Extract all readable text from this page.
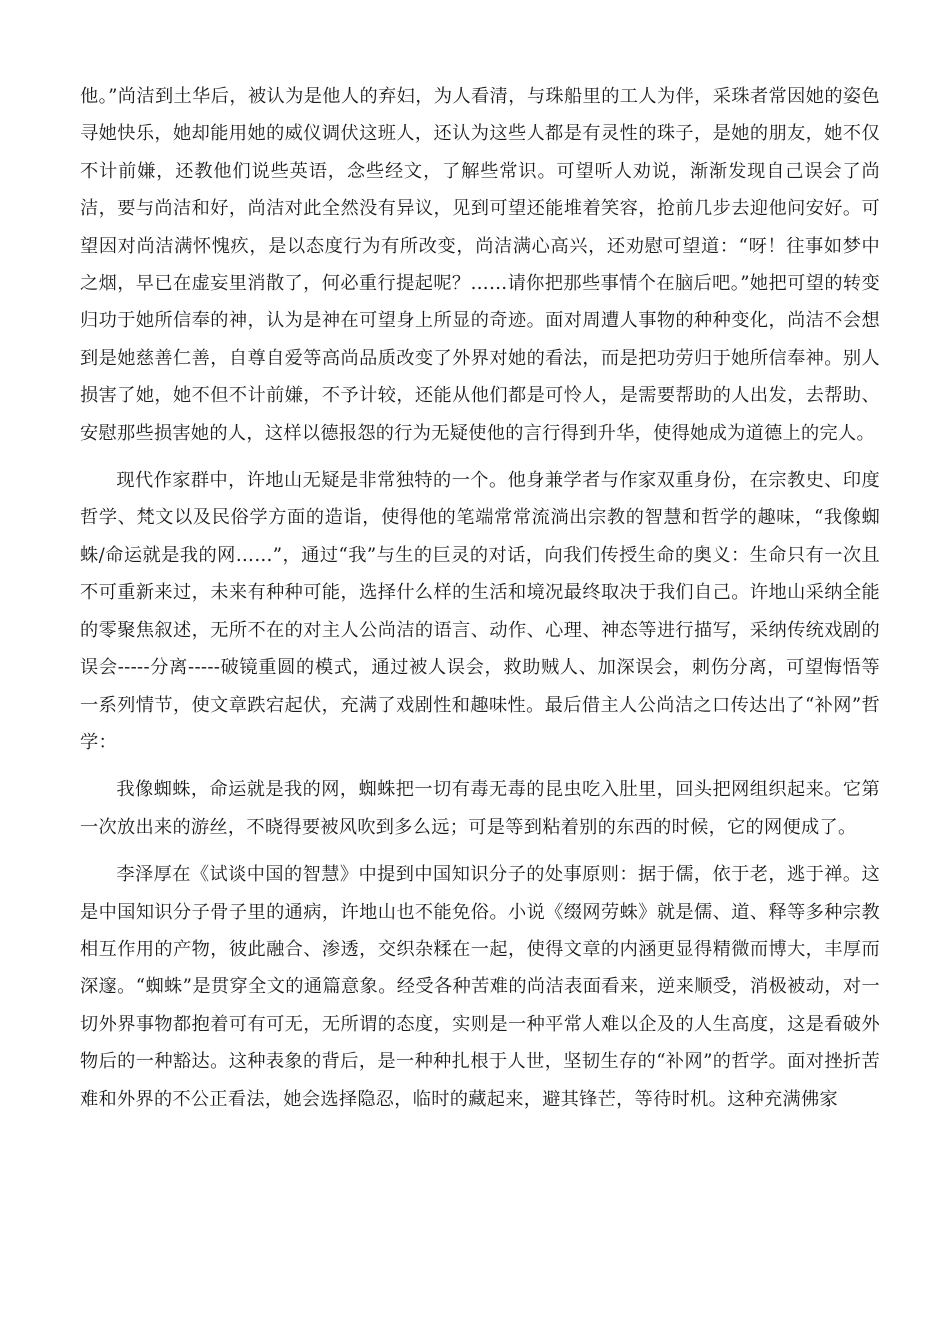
他。”尚洁到土华后，被认为是他人的弃妇，为人看清，与珠船里的工人为伴，采珠者常因她的姿色寻她快乐，她却能用她的威仪调伏这班人，还认为这些人都是有灵性的珠子，是她的朋友，她不仅不计前嫌，还教他们说些英语，念些经文，了解些常识。可望听人劝说，渐渐发现自己误会了尚洁，要与尚洁和好，尚洁对此全然没有异议，见到可望还能堆着笑容，抢前几步去迎他问安好。可望因对尚洁满怀愧疚，是以态度行为有所改变，尚洁满心高兴，还劝慰可望道：“呀！往事如梦中之烟，早已在虚妄里消散了，何必重行提起呢？……请你把那些事情个在脑后吧。”她把可望的转变归功于她所信奉的神，认为是神在可望身上所显的奇迹。面对周遭人事物的种种变化，尚洁不会想到是她慈善仁善，自尊自爱等高尚品质改变了外界对她的看法，而是把功劳归于她所信奉神。别人损害了她，她不但不计前嫌，不予计较，还能从他们都是可怜人，是需要帮助的人出发，去帮助、安慰那些损害她的人，这样以德报怨的行为无疑使他的言行得到升华，使得她成为道德上的完人。

现代作家群中，许地山无疑是非常独特的一个。他身兼学者与作家双重身份，在宗教史、印度哲学、梵文以及民俗学方面的造诣，使得他的笔端常常流淌出宗教的智慧和哲学的趣味，“我像蜘蛛/命运就是我的网……”，通过“我”与生的巨灵的对话，向我们传授生命的奥义：生命只有一次且不可重新来过，未来有种种可能，选择什么样的生活和境况最终取决于我们自己。许地山采纳全能的零聚焦叙述，无所不在的对主人公尚洁的语言、动作、心理、神态等进行描写，采纳传统戏剧的误会-----分离-----破镜重圆的模式，通过被人误会，救助贼人、加深误会，刺伤分离，可望悔悟等一系列情节，使文章跌宕起伏，充满了戏剧性和趣味性。最后借主人公尚洁之口传达出了“补网”哲学：

我像蜘蛛，命运就是我的网，蜘蛛把一切有毒无毒的昆虫吃入肚里，回头把网组织起来。它第一次放出来的游丝，不晓得要被风吹到多么远；可是等到粘着别的东西的时候，它的网便成了。

李泽厚在《试谈中国的智慧》中提到中国知识分子的处事原则：据于儒，依于老，逃于禅。这是中国知识分子骨子里的通病，许地山也不能免俗。小说《缀网劳蛛》就是儒、道、释等多种宗教相互作用的产物，彼此融合、渗透，交织杂糅在一起，使得文章的内涵更显得精微而博大，丰厚而深邃。“蜘蛛”是贯穿全文的通篇意象。经受各种苦难的尚洁表面看来，逆来顺受，消极被动，对一切外界事物都抱着可有可无，无所谓的态度，实则是一种平常人难以企及的人生高度，这是看破外物后的一种豁达。这种表象的背后，是一种种扎根于人世，坚韧生存的“补网”的哲学。面对挫折苦难和外界的不公正看法，她会选择隐忍，临时的藏起来，避其锋芒，等待时机。这种充满佛家
